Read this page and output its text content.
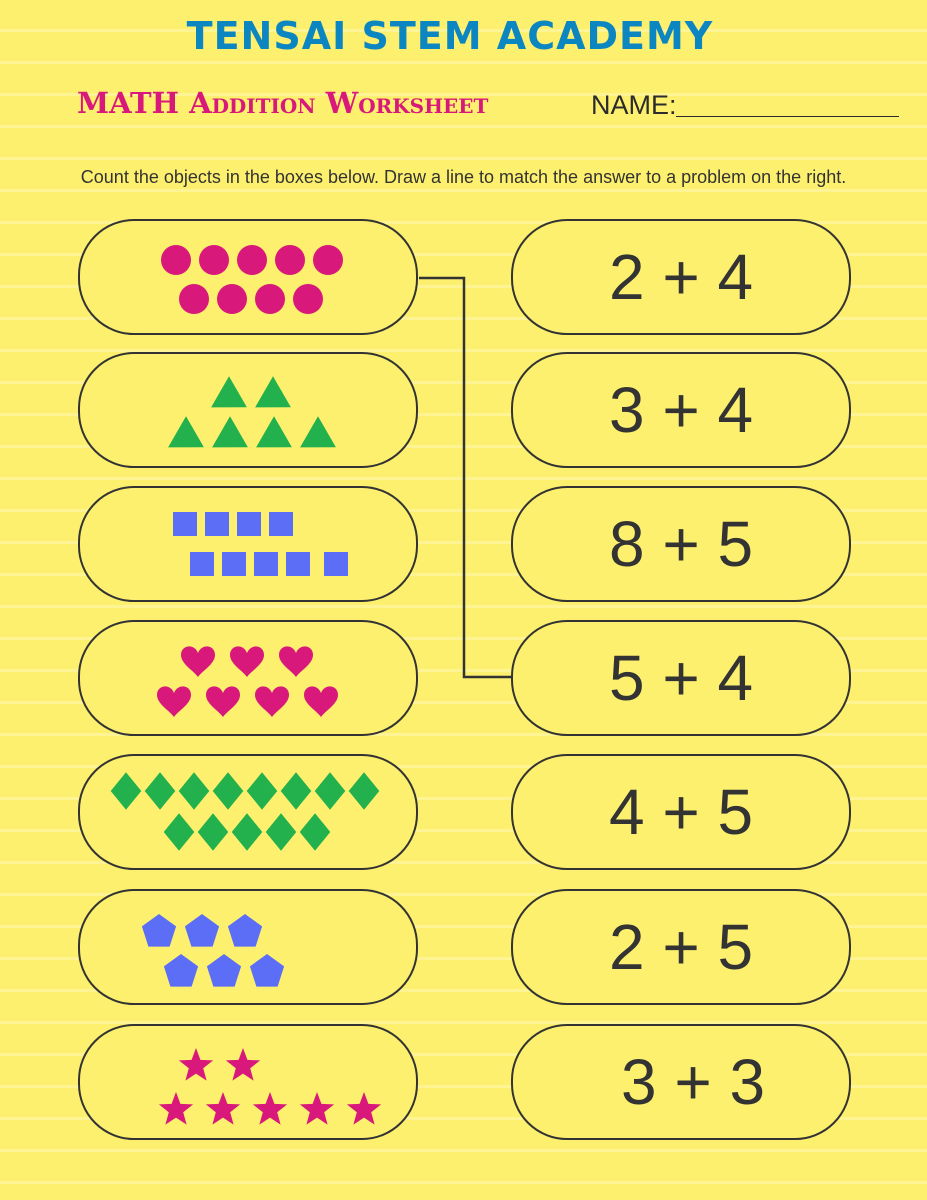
TENSAI STEM ACADEMY
MATH Addition Worksheet	NAME:
Count the objects in the boxes below. Draw a line to match the answer to a problem on the right.
2 + 4
3 + 4
8 + 5
5 + 4
4 + 5
2 + 5
3 + 3
